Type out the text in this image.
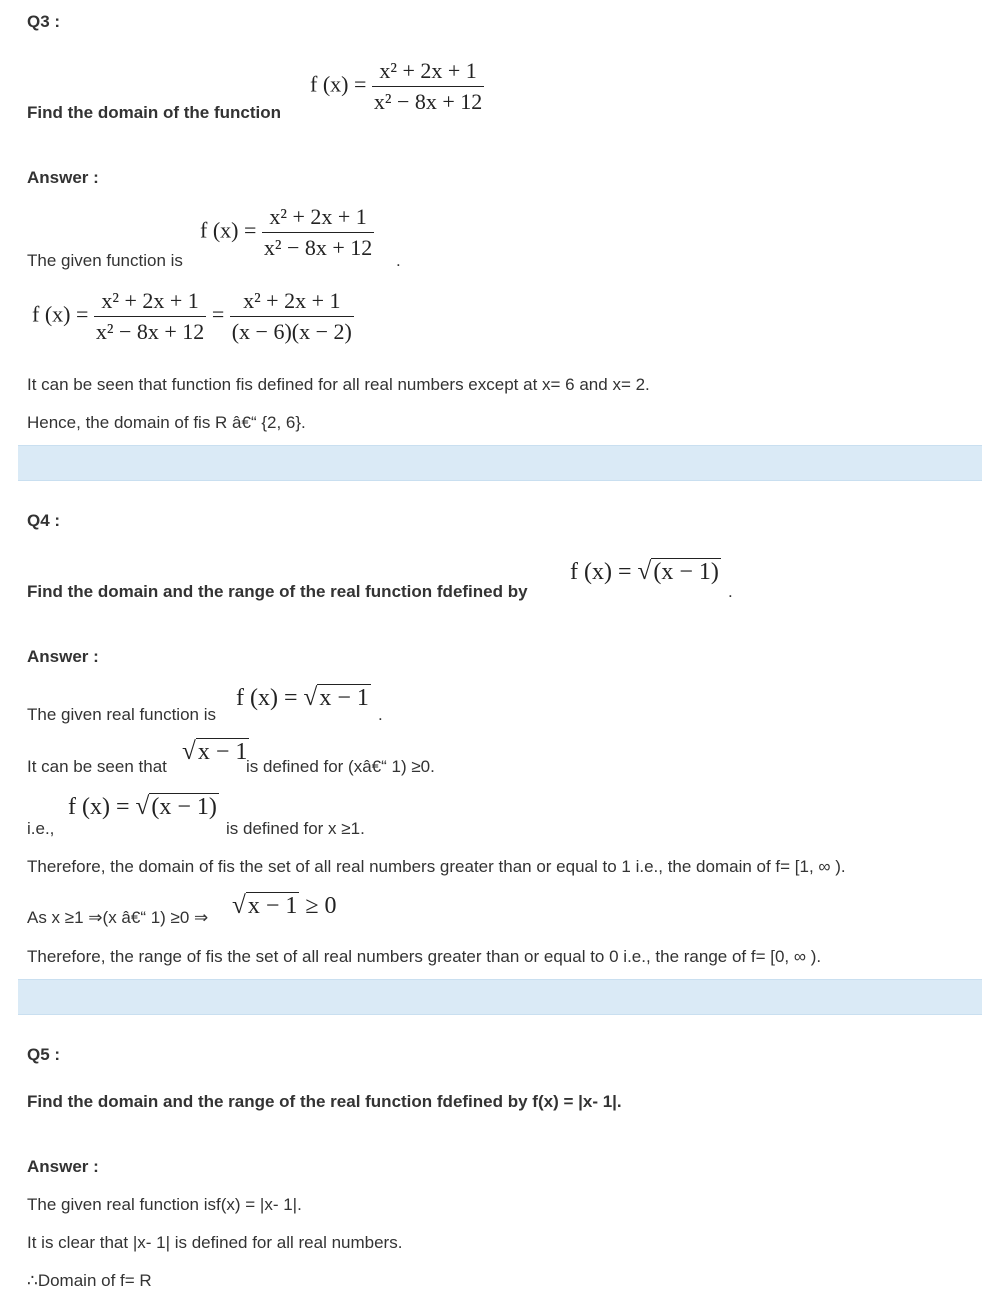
Q3 :
Find the domain of the function
f $(x) = \frac{\text{x² + 2x + 1}}{\text{x² − 8x + 12}}$
Answer :
The given function is
f $(x) = \frac{\text{x² + 2x + 1}}{\text{x² − 8x + 12}}$ .
f $(x) = \frac{\text{x² + 2x + 1}}{\text{x² − 8x + 12}} = \frac{\text{x² + 2x + 1}}{(x - 6)(x - 2)}$
It can be seen that function fis defined for all real numbers except at x= 6 and x= 2.
Hence, the domain of fis R â€“ {2, 6}.
Q4 :
Find the domain and the range of the real function fdefined by
f (x) = √(x − 1)
.
Answer :
The given real function is
f (x) = √x − 1
.
It can be seen that
√x − 1
is defined for (xâ€“ 1) ≥0.
i.e.,
f (x) = √(x − 1)
is defined for x ≥1.
Therefore, the domain of fis the set of all real numbers greater than or equal to 1 i.e., the domain of f= [1, ∞ ).
As x ≥1 ⇒(x â€“ 1) ≥0 ⇒ √x − 1 ≥ 0
Therefore, the range of fis the set of all real numbers greater than or equal to 0 i.e., the range of f= [0, ∞ ).
Q5 :
Find the domain and the range of the real function fdefined by f(x) = |x- 1|.
Answer :
The given real function isf(x) = |x- 1|.
It is clear that |x- 1| is defined for all real numbers.
∴Domain of f= R
